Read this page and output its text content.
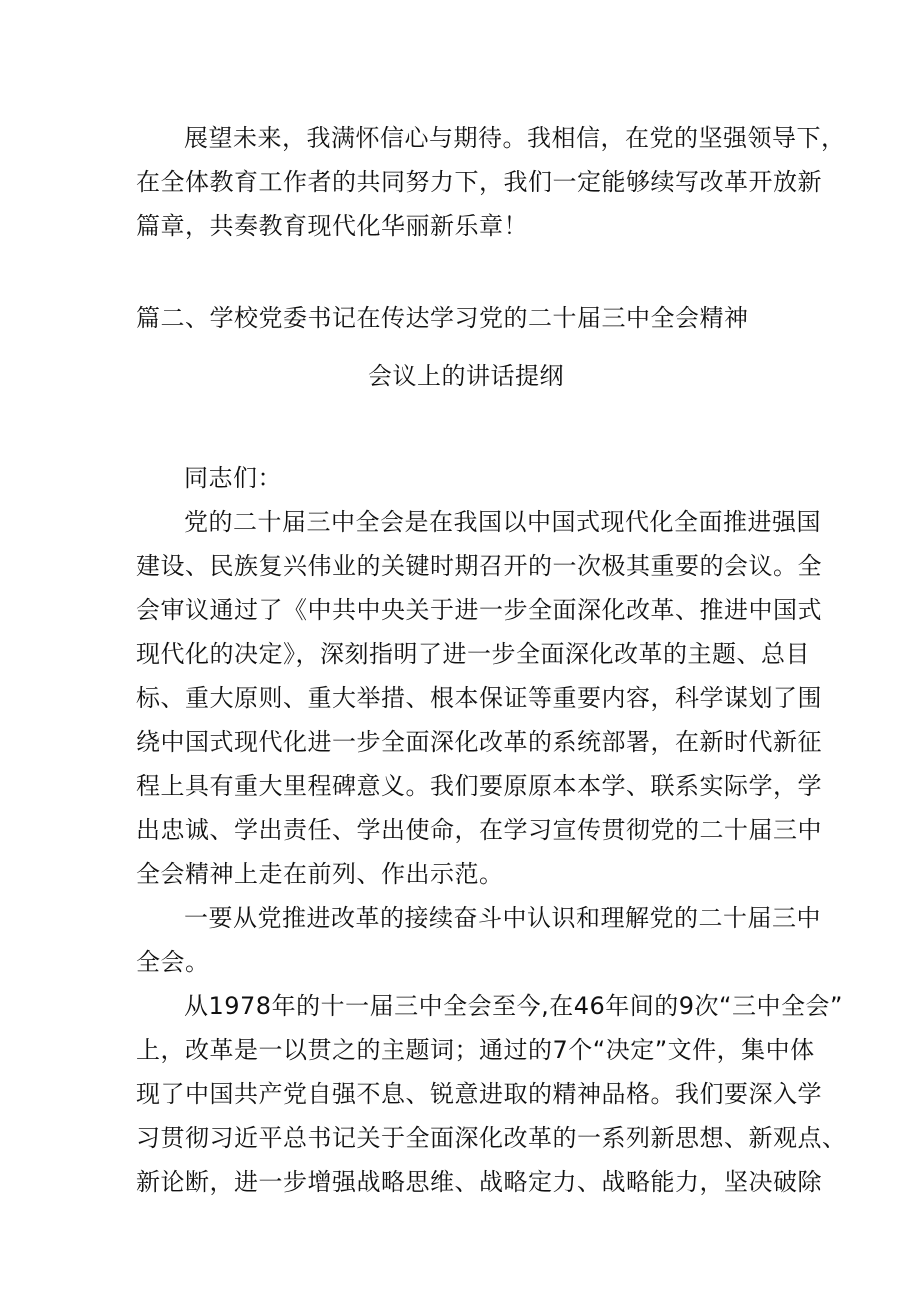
展望未来，我满怀信心与期待。我相信，在党的坚强领导下，
在全体教育工作者的共同努力下，我们一定能够续写改革开放新
篇章，共奏教育现代化华丽新乐章！

篇二、学校党委书记在传达学习党的二十届三中全会精神

会议上的讲话提纲

同志们：

党的二十届三中全会是在我国以中国式现代化全面推进强国
建设、民族复兴伟业的关键时期召开的一次极其重要的会议。全
会审议通过了《中共中央关于进一步全面深化改革、推进中国式
现代化的决定》，深刻指明了进一步全面深化改革的主题、总目
标、重大原则、重大举措、根本保证等重要内容，科学谋划了围
绕中国式现代化进一步全面深化改革的系统部署，在新时代新征
程上具有重大里程碑意义。我们要原原本本学、联系实际学，学
出忠诚、学出责任、学出使命，在学习宣传贯彻党的二十届三中
全会精神上走在前列、作出示范。

一要从党推进改革的接续奋斗中认识和理解党的二十届三中
全会。

从1978年的十一届三中全会至今,在46年间的9次“三中全会”
上，改革是一以贯之的主题词；通过的7个“决定”文件，集中体
现了中国共产党自强不息、锐意进取的精神品格。我们要深入学
习贯彻习近平总书记关于全面深化改革的一系列新思想、新观点、
新论断，进一步增强战略思维、战略定力、战略能力，坚决破除
